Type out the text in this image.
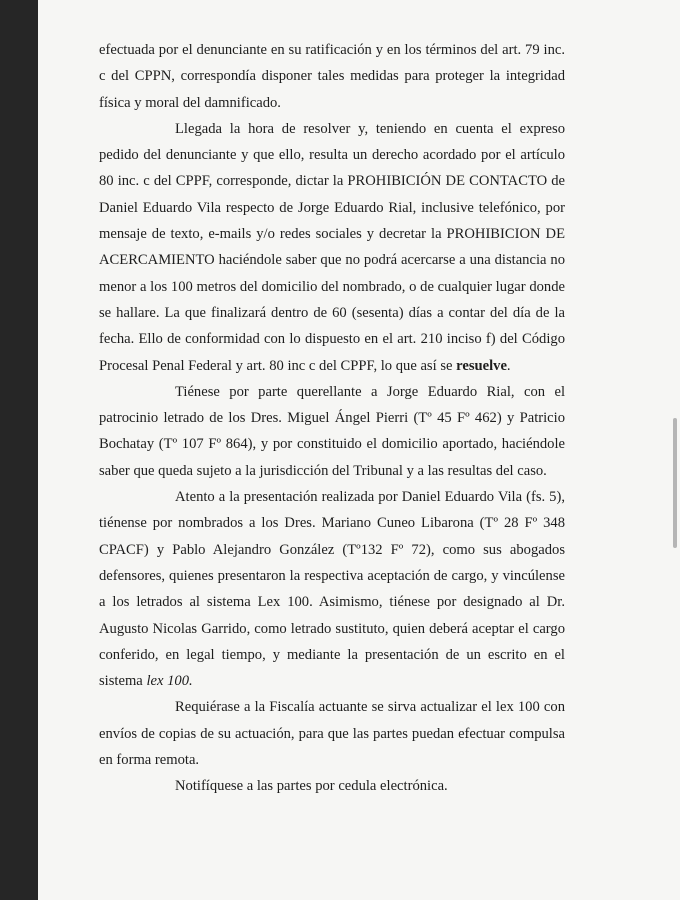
efectuada por el denunciante en su ratificación y en los términos del art. 79 inc. c del CPPN, correspondía disponer tales medidas para proteger la integridad física y moral del damnificado.

Llegada la hora de resolver y, teniendo en cuenta el expreso pedido del denunciante y que ello, resulta un derecho acordado por el artículo 80 inc. c del CPPF, corresponde, dictar la PROHIBICIÓN DE CONTACTO de Daniel Eduardo Vila respecto de Jorge Eduardo Rial, inclusive telefónico, por mensaje de texto, e-mails y/o redes sociales y decretar la PROHIBICION DE ACERCAMIENTO haciéndole saber que no podrá acercarse a una distancia no menor a los 100 metros del domicilio del nombrado, o de cualquier lugar donde se hallare. La que finalizará dentro de 60 (sesenta) días a contar del día de la fecha. Ello de conformidad con lo dispuesto en el art. 210 inciso f) del Código Procesal Penal Federal y art. 80 inc c del CPPF, lo que así se resuelve.

Tiénese por parte querellante a Jorge Eduardo Rial, con el patrocinio letrado de los Dres. Miguel Ángel Pierri (Tº 45 Fº 462) y Patricio Bochatay (Tº 107 Fº 864), y por constituido el domicilio aportado, haciéndole saber que queda sujeto a la jurisdicción del Tribunal y a las resultas del caso.

Atento a la presentación realizada por Daniel Eduardo Vila (fs. 5), tiénense por nombrados a los Dres. Mariano Cuneo Libarona (Tº 28 Fº 348 CPACF) y Pablo Alejandro González (Tº132 Fº 72), como sus abogados defensores, quienes presentaron la respectiva aceptación de cargo, y vincúlense a los letrados al sistema Lex 100. Asimismo, tiénese por designado al Dr. Augusto Nicolas Garrido, como letrado sustituto, quien deberá aceptar el cargo conferido, en legal tiempo, y mediante la presentación de un escrito en el sistema lex 100.

Requiérase a la Fiscalía actuante se sirva actualizar el lex 100 con envíos de copias de su actuación, para que las partes puedan efectuar compulsa en forma remota.

Notifíquese a las partes por cedula electrónica.
